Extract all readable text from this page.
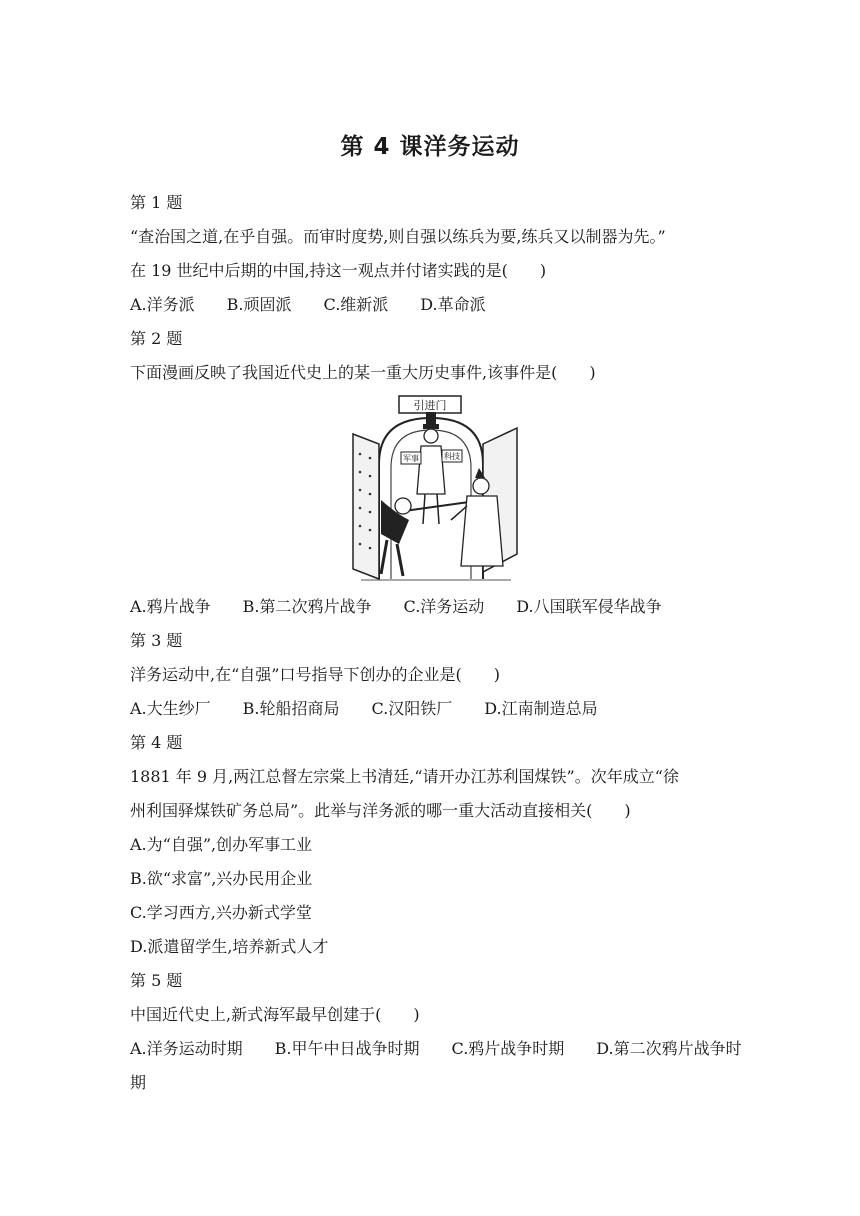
第 4 课洋务运动

第 1 题

“查治国之道,在乎自强。而审时度势,则自强以练兵为要,练兵又以制器为先。”

在 19 世纪中后期的中国,持这一观点并付诸实践的是(　　)

A.洋务派 B.顽固派 C.维新派 D.革命派

第 2 题

下面漫画反映了我国近代史上的某一重大历史事件,该事件是(　　)

引进门
军事	科技
A.鸦片战争 B.第二次鸦片战争 C.洋务运动 D.八国联军侵华战争

第 3 题

洋务运动中,在“自强”口号指导下创办的企业是(　　)

A.大生纱厂 B.轮船招商局 C.汉阳铁厂 D.江南制造总局

第 4 题

1881 年 9 月,两江总督左宗棠上书清廷,“请开办江苏利国煤铁”。次年成立“徐

州利国驿煤铁矿务总局”。此举与洋务派的哪一重大活动直接相关(　　)

A.为“自强”,创办军事工业

B.欲“求富”,兴办民用企业

C.学习西方,兴办新式学堂

D.派遣留学生,培养新式人才

第 5 题

中国近代史上,新式海军最早创建于(　　)

A.洋务运动时期 B.甲午中日战争时期 C.鸦片战争时期 D.第二次鸦片战争时期
